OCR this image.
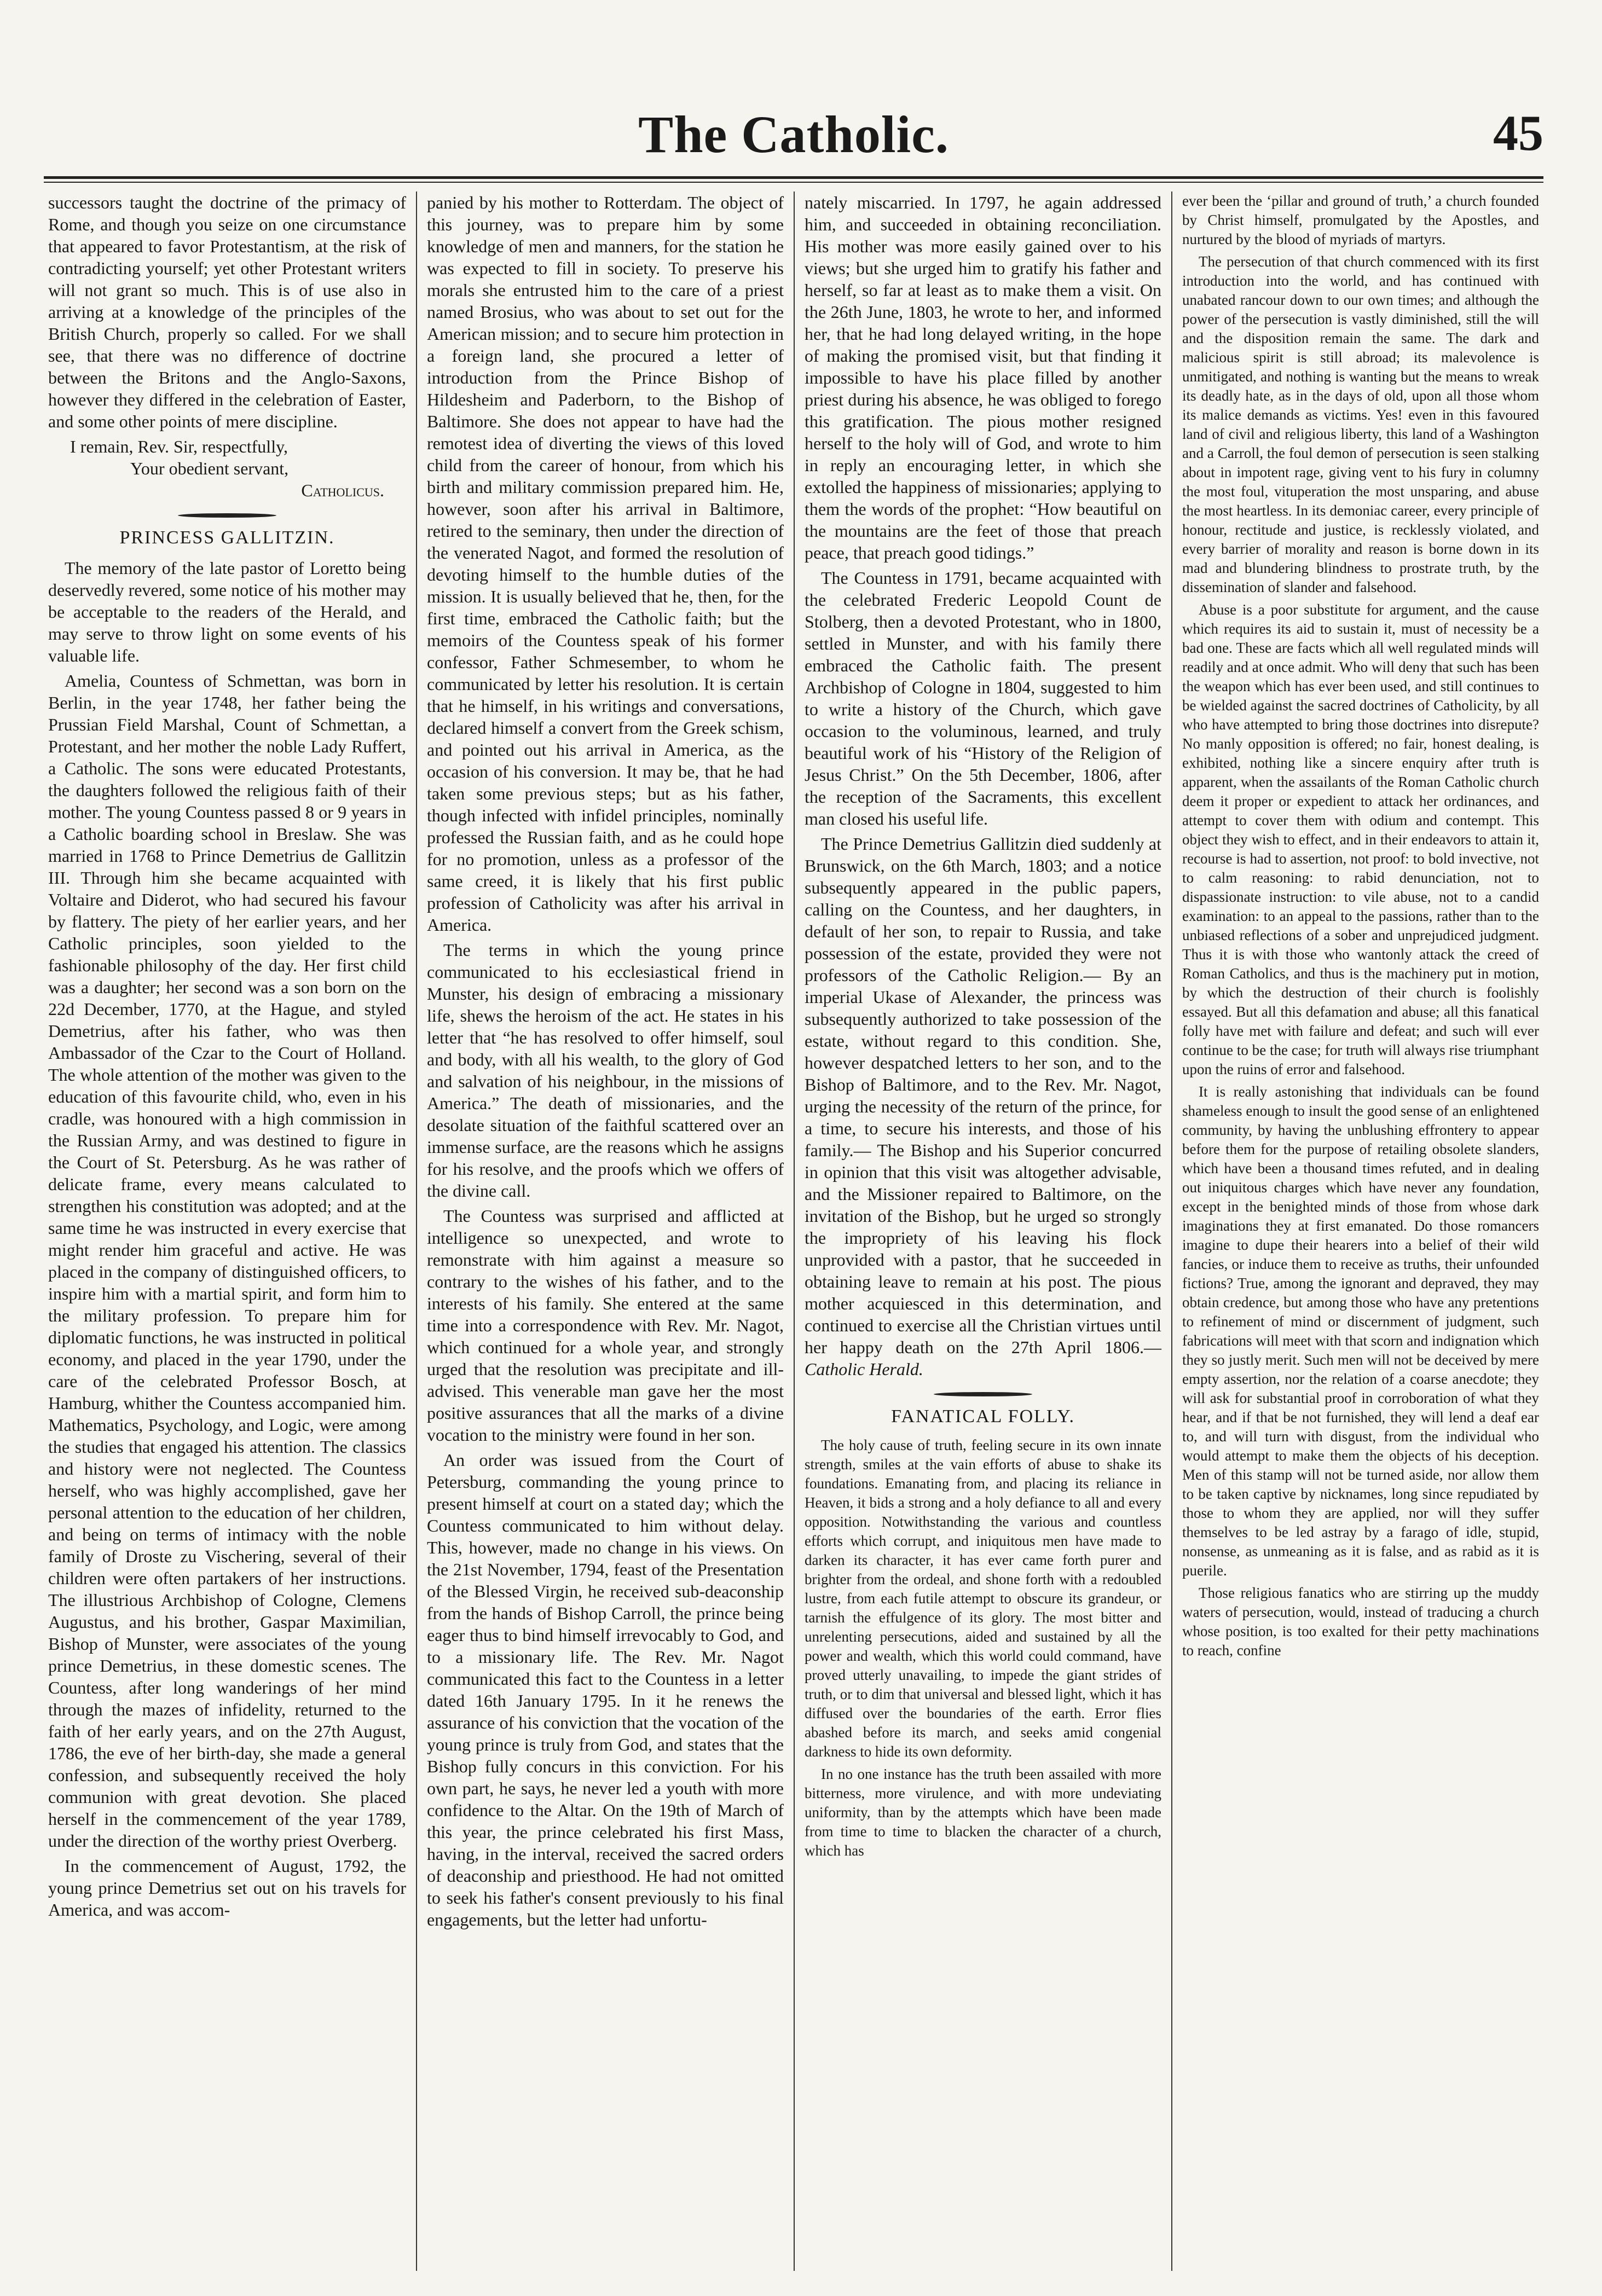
The Catholic.	45

successors taught the doctrine of the primacy of Rome, and though you seize on one circumstance that appeared to favor Protestantism, at the risk of contradicting yourself; yet other Protestant writers will not grant so much. This is of use also in arriving at a knowledge of the principles of the British Church, properly so called. For we shall see, that there was no difference of doctrine between the Britons and the Anglo-Saxons, however they differed in the celebration of Easter, and some other points of mere discipline.

I remain, Rev. Sir, respectfully,
Your obedient servant,
Catholicus.
PRINCESS GALLITZIN.

The memory of the late pastor of Loretto being deservedly revered, some notice of his mother may be acceptable to the readers of the Herald, and may serve to throw light on some events of his valuable life.

Amelia, Countess of Schmettan, was born in Berlin, in the year 1748, her father being the Prussian Field Marshal, Count of Schmettan, a Protestant, and her mother the noble Lady Ruffert, a Catholic. The sons were educated Protestants, the daughters followed the religious faith of their mother. The young Countess passed 8 or 9 years in a Catholic boarding school in Breslaw. She was married in 1768 to Prince Demetrius de Gallitzin III. Through him she became acquainted with Voltaire and Diderot, who had secured his favour by flattery. The piety of her earlier years, and her Catholic principles, soon yielded to the fashionable philosophy of the day. Her first child was a daughter; her second was a son born on the 22d December, 1770, at the Hague, and styled Demetrius, after his father, who was then Ambassador of the Czar to the Court of Holland. The whole attention of the mother was given to the education of this favourite child, who, even in his cradle, was honoured with a high commission in the Russian Army, and was destined to figure in the Court of St. Petersburg. As he was rather of delicate frame, every means calculated to strengthen his constitution was adopted; and at the same time he was instructed in every exercise that might render him graceful and active. He was placed in the company of distinguished officers, to inspire him with a martial spirit, and form him to the military profession. To prepare him for diplomatic functions, he was instructed in political economy, and placed in the year 1790, under the care of the celebrated Professor Bosch, at Hamburg, whither the Countess accompanied him. Mathematics, Psychology, and Logic, were among the studies that engaged his attention. The classics and history were not neglected. The Countess herself, who was highly accomplished, gave her personal attention to the education of her children, and being on terms of intimacy with the noble family of Droste zu Vischering, several of their children were often partakers of her instructions. The illustrious Archbishop of Cologne, Clemens Augustus, and his brother, Gaspar Maximilian, Bishop of Munster, were associates of the young prince Demetrius, in these domestic scenes. The Countess, after long wanderings of her mind through the mazes of infidelity, returned to the faith of her early years, and on the 27th August, 1786, the eve of her birth-day, she made a general confession, and subsequently received the holy communion with great devotion. She placed herself in the commencement of the year 1789, under the direction of the worthy priest Overberg.

In the commencement of August, 1792, the young prince Demetrius set out on his travels for America, and was accom-

panied by his mother to Rotterdam. The object of this journey, was to prepare him by some knowledge of men and manners, for the station he was expected to fill in society. To preserve his morals she entrusted him to the care of a priest named Brosius, who was about to set out for the American mission; and to secure him protection in a foreign land, she procured a letter of introduction from the Prince Bishop of Hildesheim and Paderborn, to the Bishop of Baltimore. She does not appear to have had the remotest idea of diverting the views of this loved child from the career of honour, from which his birth and military commission prepared him. He, however, soon after his arrival in Baltimore, retired to the seminary, then under the direction of the venerated Nagot, and formed the resolution of devoting himself to the humble duties of the mission. It is usually believed that he, then, for the first time, embraced the Catholic faith; but the memoirs of the Countess speak of his former confessor, Father Schmesember, to whom he communicated by letter his resolution. It is certain that he himself, in his writings and conversations, declared himself a convert from the Greek schism, and pointed out his arrival in America, as the occasion of his conversion. It may be, that he had taken some previous steps; but as his father, though infected with infidel principles, nominally professed the Russian faith, and as he could hope for no promotion, unless as a professor of the same creed, it is likely that his first public profession of Catholicity was after his arrival in America.

The terms in which the young prince communicated to his ecclesiastical friend in Munster, his design of embracing a missionary life, shews the heroism of the act. He states in his letter that “he has resolved to offer himself, soul and body, with all his wealth, to the glory of God and salvation of his neighbour, in the missions of America.” The death of missionaries, and the desolate situation of the faithful scattered over an immense surface, are the reasons which he assigns for his resolve, and the proofs which we offers of the divine call.

The Countess was surprised and afflicted at intelligence so unexpected, and wrote to remonstrate with him against a measure so contrary to the wishes of his father, and to the interests of his family. She entered at the same time into a correspondence with Rev. Mr. Nagot, which continued for a whole year, and strongly urged that the resolution was precipitate and ill-advised. This venerable man gave her the most positive assurances that all the marks of a divine vocation to the ministry were found in her son.

An order was issued from the Court of Petersburg, commanding the young prince to present himself at court on a stated day; which the Countess communicated to him without delay. This, however, made no change in his views. On the 21st November, 1794, feast of the Presentation of the Blessed Virgin, he received sub-deaconship from the hands of Bishop Carroll, the prince being eager thus to bind himself irrevocably to God, and to a missionary life. The Rev. Mr. Nagot communicated this fact to the Countess in a letter dated 16th January 1795. In it he renews the assurance of his conviction that the vocation of the young prince is truly from God, and states that the Bishop fully concurs in this conviction. For his own part, he says, he never led a youth with more confidence to the Altar. On the 19th of March of this year, the prince celebrated his first Mass, having, in the interval, received the sacred orders of deaconship and priesthood. He had not omitted to seek his father's consent previously to his final engagements, but the letter had unfortu-

nately miscarried. In 1797, he again addressed him, and succeeded in obtaining reconciliation. His mother was more easily gained over to his views; but she urged him to gratify his father and herself, so far at least as to make them a visit. On the 26th June, 1803, he wrote to her, and informed her, that he had long delayed writing, in the hope of making the promised visit, but that finding it impossible to have his place filled by another priest during his absence, he was obliged to forego this gratification. The pious mother resigned herself to the holy will of God, and wrote to him in reply an encouraging letter, in which she extolled the happiness of missionaries; applying to them the words of the prophet: “How beautiful on the mountains are the feet of those that preach peace, that preach good tidings.”

The Countess in 1791, became acquainted with the celebrated Frederic Leopold Count de Stolberg, then a devoted Protestant, who in 1800, settled in Munster, and with his family there embraced the Catholic faith. The present Archbishop of Cologne in 1804, suggested to him to write a history of the Church, which gave occasion to the voluminous, learned, and truly beautiful work of his “History of the Religion of Jesus Christ.” On the 5th December, 1806, after the reception of the Sacraments, this excellent man closed his useful life.

The Prince Demetrius Gallitzin died suddenly at Brunswick, on the 6th March, 1803; and a notice subsequently appeared in the public papers, calling on the Countess, and her daughters, in default of her son, to repair to Russia, and take possession of the estate, provided they were not professors of the Catholic Religion.— By an imperial Ukase of Alexander, the princess was subsequently authorized to take possession of the estate, without regard to this condition. She, however despatched letters to her son, and to the Bishop of Baltimore, and to the Rev. Mr. Nagot, urging the necessity of the return of the prince, for a time, to secure his interests, and those of his family.— The Bishop and his Superior concurred in opinion that this visit was altogether advisable, and the Missioner repaired to Baltimore, on the invitation of the Bishop, but he urged so strongly the impropriety of his leaving his flock unprovided with a pastor, that he succeeded in obtaining leave to remain at his post. The pious mother acquiesced in this determination, and continued to exercise all the Christian virtues until her happy death on the 27th April 1806.—Catholic Herald.

FANATICAL FOLLY.

The holy cause of truth, feeling secure in its own innate strength, smiles at the vain efforts of abuse to shake its foundations. Emanating from, and placing its reliance in Heaven, it bids a strong and a holy defiance to all and every opposition. Notwithstanding the various and countless efforts which corrupt, and iniquitous men have made to darken its character, it has ever came forth purer and brighter from the ordeal, and shone forth with a redoubled lustre, from each futile attempt to obscure its grandeur, or tarnish the effulgence of its glory. The most bitter and unrelenting persecutions, aided and sustained by all the power and wealth, which this world could command, have proved utterly unavailing, to impede the giant strides of truth, or to dim that universal and blessed light, which it has diffused over the boundaries of the earth. Error flies abashed before its march, and seeks amid congenial darkness to hide its own deformity.

In no one instance has the truth been assailed with more bitterness, more virulence, and with more undeviating uniformity, than by the attempts which have been made from time to time to blacken the character of a church, which has

ever been the ‘pillar and ground of truth,’ a church founded by Christ himself, promulgated by the Apostles, and nurtured by the blood of myriads of martyrs.

The persecution of that church commenced with its first introduction into the world, and has continued with unabated rancour down to our own times; and although the power of the persecution is vastly diminished, still the will and the disposition remain the same. The dark and malicious spirit is still abroad; its malevolence is unmitigated, and nothing is wanting but the means to wreak its deadly hate, as in the days of old, upon all those whom its malice demands as victims. Yes! even in this favoured land of civil and religious liberty, this land of a Washington and a Carroll, the foul demon of persecution is seen stalking about in impotent rage, giving vent to his fury in columny the most foul, vituperation the most unsparing, and abuse the most heartless. In its demoniac career, every principle of honour, rectitude and justice, is recklessly violated, and every barrier of morality and reason is borne down in its mad and blundering blindness to prostrate truth, by the dissemination of slander and falsehood.

Abuse is a poor substitute for argument, and the cause which requires its aid to sustain it, must of necessity be a bad one. These are facts which all well regulated minds will readily and at once admit. Who will deny that such has been the weapon which has ever been used, and still continues to be wielded against the sacred doctrines of Catholicity, by all who have attempted to bring those doctrines into disrepute? No manly opposition is offered; no fair, honest dealing, is exhibited, nothing like a sincere enquiry after truth is apparent, when the assailants of the Roman Catholic church deem it proper or expedient to attack her ordinances, and attempt to cover them with odium and contempt. This object they wish to effect, and in their endeavors to attain it, recourse is had to assertion, not proof: to bold invective, not to calm reasoning: to rabid denunciation, not to dispassionate instruction: to vile abuse, not to a candid examination: to an appeal to the passions, rather than to the unbiased reflections of a sober and unprejudiced judgment. Thus it is with those who wantonly attack the creed of Roman Catholics, and thus is the machinery put in motion, by which the destruction of their church is foolishly essayed. But all this defamation and abuse; all this fanatical folly have met with failure and defeat; and such will ever continue to be the case; for truth will always rise triumphant upon the ruins of error and falsehood.

It is really astonishing that individuals can be found shameless enough to insult the good sense of an enlightened community, by having the unblushing effrontery to appear before them for the purpose of retailing obsolete slanders, which have been a thousand times refuted, and in dealing out iniquitous charges which have never any foundation, except in the benighted minds of those from whose dark imaginations they at first emanated. Do those romancers imagine to dupe their hearers into a belief of their wild fancies, or induce them to receive as truths, their unfounded fictions? True, among the ignorant and depraved, they may obtain credence, but among those who have any pretentions to refinement of mind or discernment of judgment, such fabrications will meet with that scorn and indignation which they so justly merit. Such men will not be deceived by mere empty assertion, nor the relation of a coarse anecdote; they will ask for substantial proof in corroboration of what they hear, and if that be not furnished, they will lend a deaf ear to, and will turn with disgust, from the individual who would attempt to make them the objects of his deception. Men of this stamp will not be turned aside, nor allow them to be taken captive by nicknames, long since repudiated by those to whom they are applied, nor will they suffer themselves to be led astray by a farago of idle, stupid, nonsense, as unmeaning as it is false, and as rabid as it is puerile.

Those religious fanatics who are stirring up the muddy waters of persecution, would, instead of traducing a church whose position, is too exalted for their petty machinations to reach, confine
